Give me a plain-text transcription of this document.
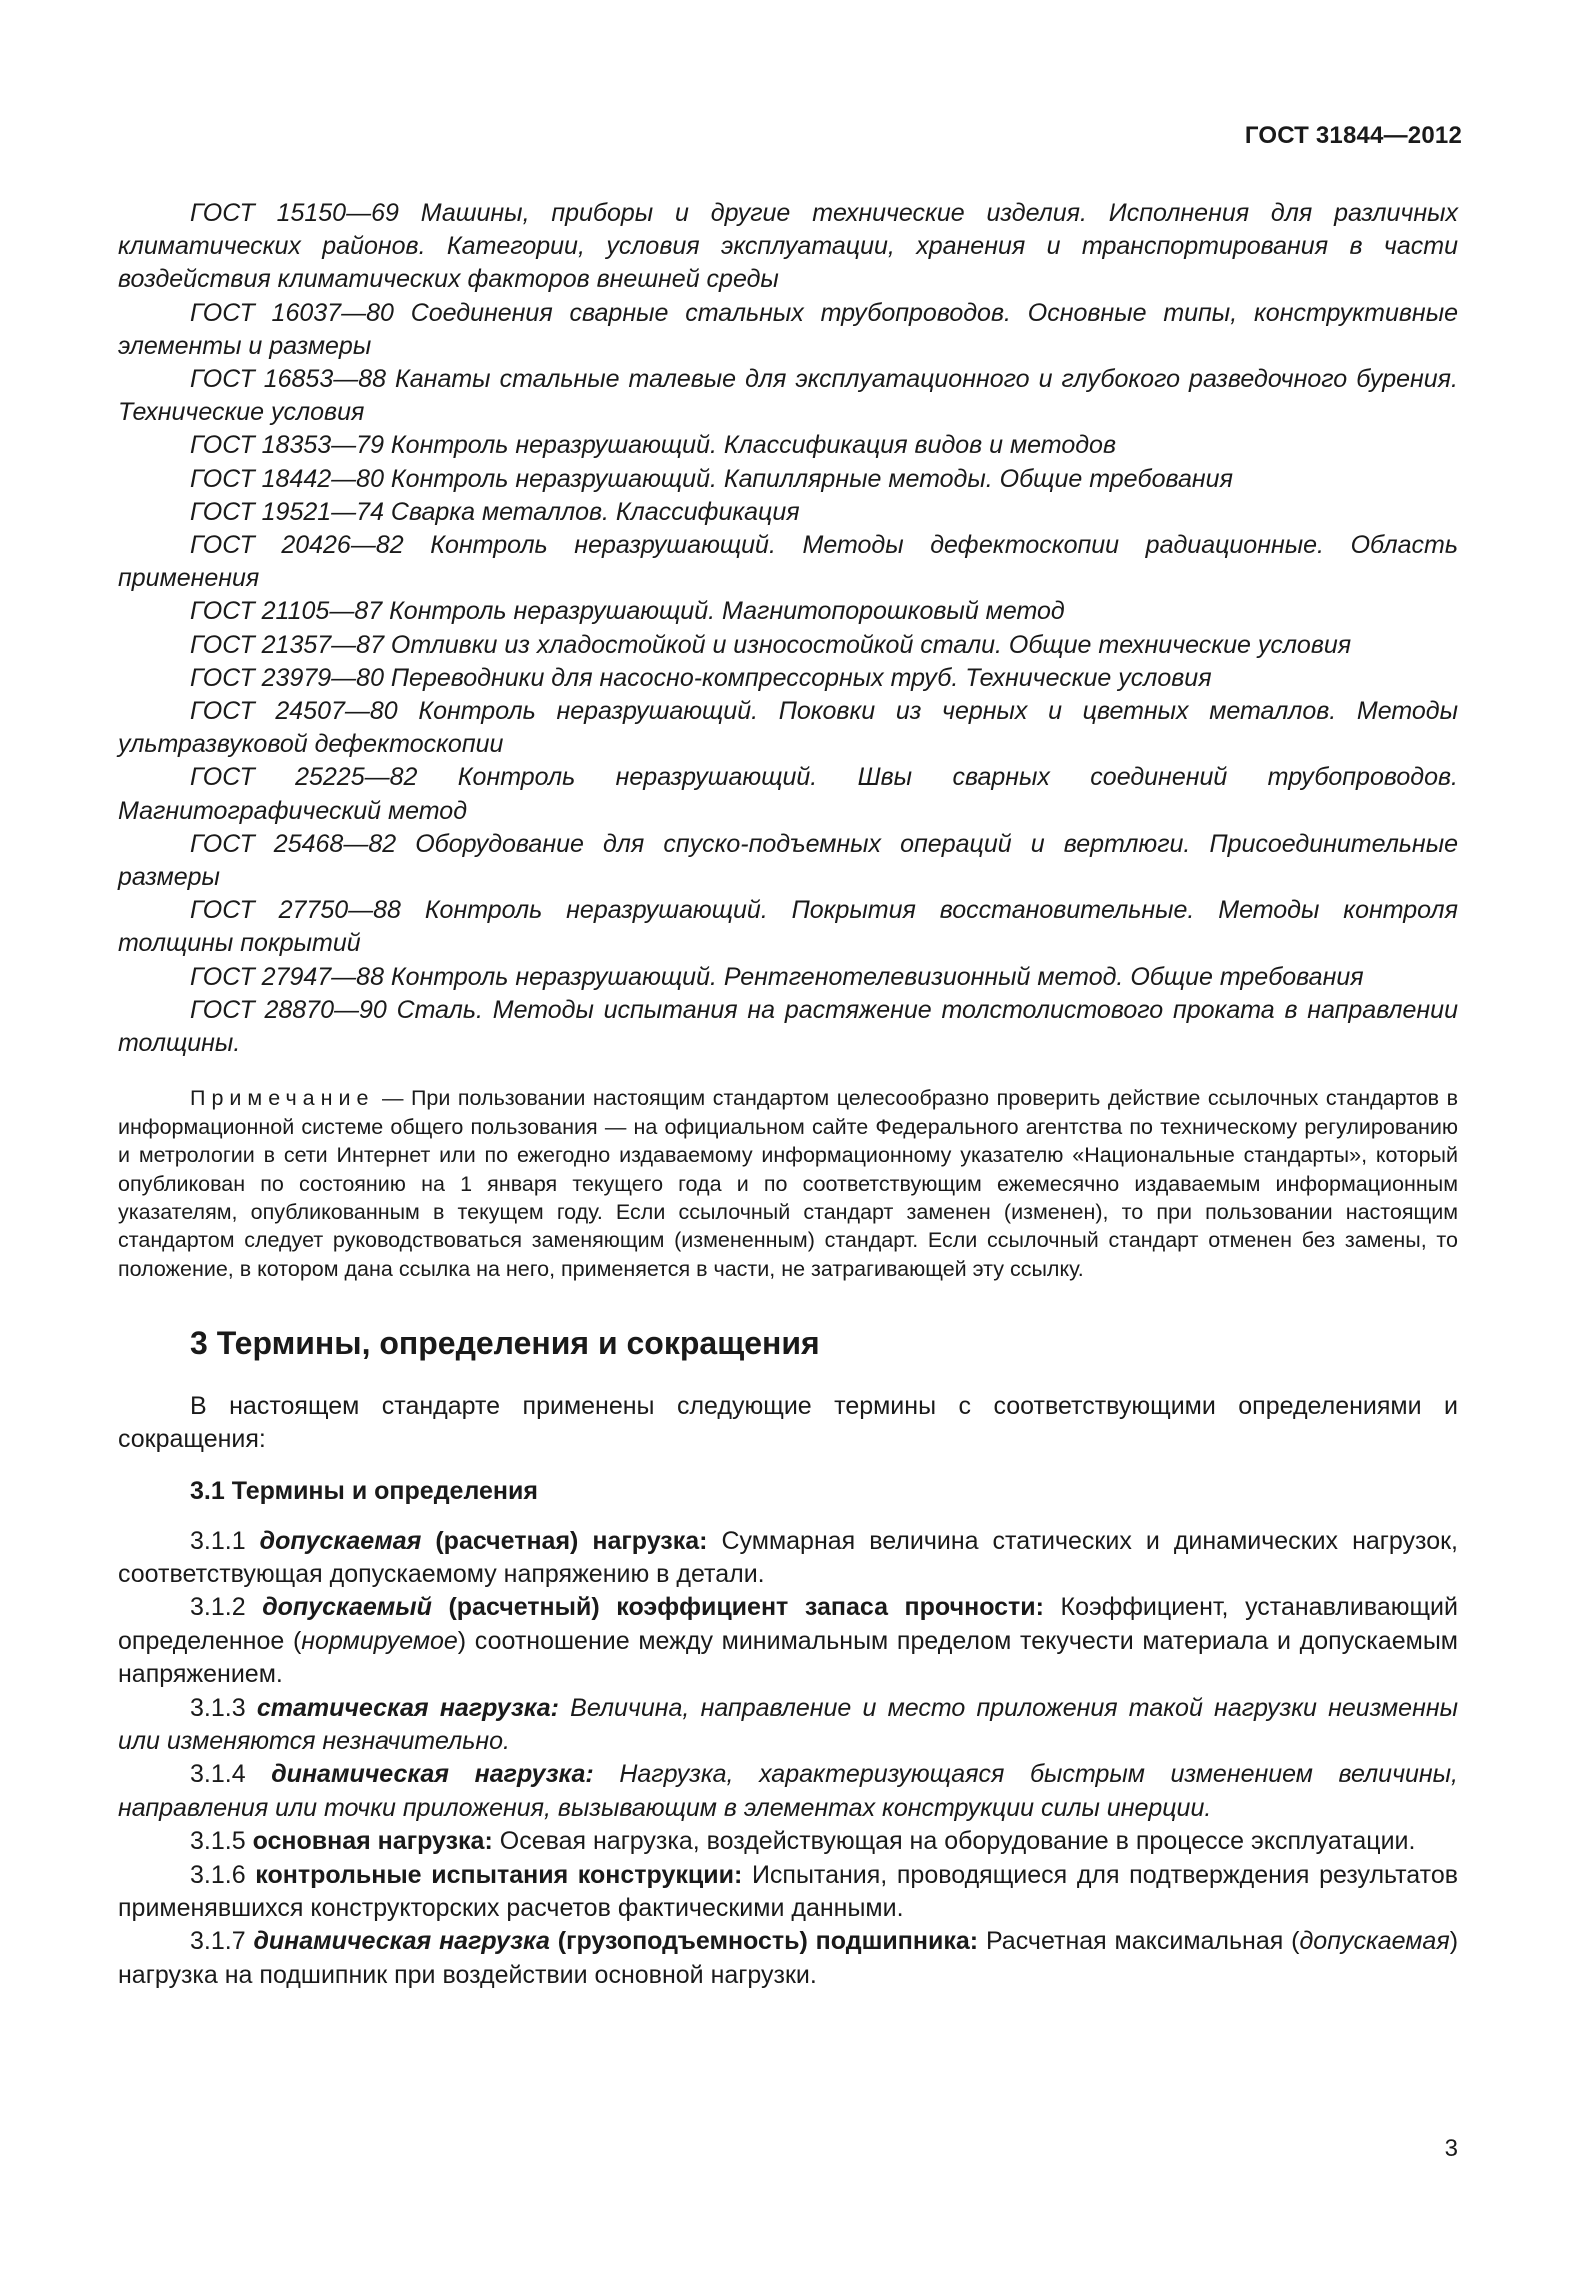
ГОСТ 31844—2012

ГОСТ 15150—69 Машины, приборы и другие технические изделия. Исполнения для различных климатических районов. Категории, условия эксплуатации, хранения и транспортирования в части воздействия климатических факторов внешней среды

ГОСТ 16037—80 Соединения сварные стальных трубопроводов. Основные типы, конструктивные элементы и размеры

ГОСТ 16853—88 Канаты стальные талевые для эксплуатационного и глубокого разведочного бурения. Технические условия

ГОСТ 18353—79 Контроль неразрушающий. Классификация видов и методов

ГОСТ 18442—80 Контроль неразрушающий. Капиллярные методы. Общие требования

ГОСТ 19521—74 Сварка металлов. Классификация

ГОСТ 20426—82 Контроль неразрушающий. Методы дефектоскопии радиационные. Область применения

ГОСТ 21105—87 Контроль неразрушающий. Магнитопорошковый метод

ГОСТ 21357—87 Отливки из хладостойкой и износостойкой стали. Общие технические условия

ГОСТ 23979—80 Переводники для насосно-компрессорных труб. Технические условия

ГОСТ 24507—80 Контроль неразрушающий. Поковки из черных и цветных металлов. Методы ультразвуковой дефектоскопии

ГОСТ 25225—82 Контроль неразрушающий. Швы сварных соединений трубопроводов. Магнитографический метод

ГОСТ 25468—82 Оборудование для спуско-подъемных операций и вертлюги. Присоединительные размеры

ГОСТ 27750—88 Контроль неразрушающий. Покрытия восстановительные. Методы контроля толщины покрытий

ГОСТ 27947—88 Контроль неразрушающий. Рентгенотелевизионный метод. Общие требования

ГОСТ 28870—90 Сталь. Методы испытания на растяжение толстолистового проката в направлении толщины.

Примечание — При пользовании настоящим стандартом целесообразно проверить действие ссылочных стандартов в информационной системе общего пользования — на официальном сайте Федерального агентства по техническому регулированию и метрологии в сети Интернет или по ежегодно издаваемому информационному указателю «Национальные стандарты», который опубликован по состоянию на 1 января текущего года и по соответствующим ежемесячно издаваемым информационным указателям, опубликованным в текущем году. Если ссылочный стандарт заменен (изменен), то при пользовании настоящим стандартом следует руководствоваться заменяющим (измененным) стандарт. Если ссылочный стандарт отменен без замены, то положение, в котором дана ссылка на него, применяется в части, не затрагивающей эту ссылку.

3 Термины, определения и сокращения

В настоящем стандарте применены следующие термины с соответствующими определениями и сокращения:

3.1 Термины и определения

3.1.1 допускаемая (расчетная) нагрузка: Суммарная величина статических и динамических нагрузок, соответствующая допускаемому напряжению в детали.

3.1.2 допускаемый (расчетный) коэффициент запаса прочности: Коэффициент, устанавливающий определенное (нормируемое) соотношение между минимальным пределом текучести материала и допускаемым напряжением.

3.1.3 статическая нагрузка: Величина, направление и место приложения такой нагрузки неизменны или изменяются незначительно.

3.1.4 динамическая нагрузка: Нагрузка, характеризующаяся быстрым изменением величины, направления или точки приложения, вызывающим в элементах конструкции силы инерции.

3.1.5 основная нагрузка: Осевая нагрузка, воздействующая на оборудование в процессе эксплуатации.

3.1.6 контрольные испытания конструкции: Испытания, проводящиеся для подтверждения результатов применявшихся конструкторских расчетов фактическими данными.

3.1.7 динамическая нагрузка (грузоподъемность) подшипника: Расчетная максимальная (допускаемая) нагрузка на подшипник при воздействии основной нагрузки.

3
